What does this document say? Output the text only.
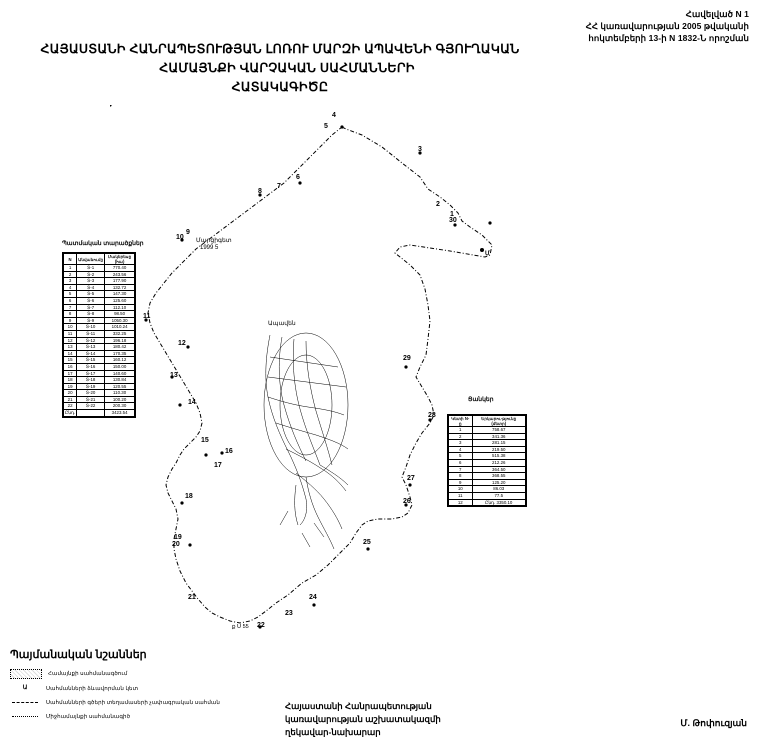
Հավելված N 1
ՀՀ կառավարության 2005 թվականի
հոկտեմբերի 13-ի N 1832-Ն որոշման
ՀԱՅԱՍՏԱՆԻ ՀԱՆՐԱՊԵՏՈՒԹՅԱՆ ԼՈՌՈՒ ՄԱՐԶԻ ԱՊԱՎԵՆԻ ԳՅՈՒՂԱԿԱՆ
ՀԱՄԱՅՆՔԻ ՎԱՐՉԱԿԱՆ ՍԱՀՄԱՆՆԵՐԻ
ՀԱՏԱԿԱԳԻԾԸ
4
5
3
2
1
6
7
8
9
10
11
12
13
14
15
16
17
18
19
20
21
22
23
24
25
26
27
28
29
30
Ապավեն
Մարցիգետ
1999 5
Մ
ք Ս 55
Պատմական տարածքներ
N	Անվանումը	Մակերեսը (հա)
1	Տ-1	770.40
2	Տ-2	243.56
3	Տ-3	177.90
4	Տ-4	132.72
5	Տ-5	147.30
6	Տ-6	125.60
7	Տ-7	112.10
8	Տ-8	98.50
9	Տ-9	1050.30
10	Տ-10	1010.24
11	Տ-11	332.25
12	Տ-12	196.18
13	Տ-13	180.42
14	Տ-14	170.35
15	Տ-15	160.12
16	Տ-16	150.00
17	Տ-17	140.60
18	Տ-18	130.84
19	Տ-19	120.55
20	Տ-20	110.30
21	Տ-21	100.20
22	Տ-22	200.30
Ընդ.		3423.54
Ցանկեր
Կետի N-ը	Երկարու-թյունը (մետր)
1	758.67
2	341.36
3	281.15
4	219.50
5	515.38
6	212.26
7	364.50
8	368.55
9	125.20
10	86.03
11	77.5
12	Ընդ. 3350.10
Պայմանական նշաններ
Համայնքի սահմանագծում
Ա	Սահմանների ձևավորման կետ
Սահմանների գծերի տեղամասերի չափագրական սահման
Միջհամայնքի սահմանագիծ
Հայաստանի Հանրապետության
կառավարության աշխատակազմի
ղեկավար-նախարար
Մ. Թոփուզյան
